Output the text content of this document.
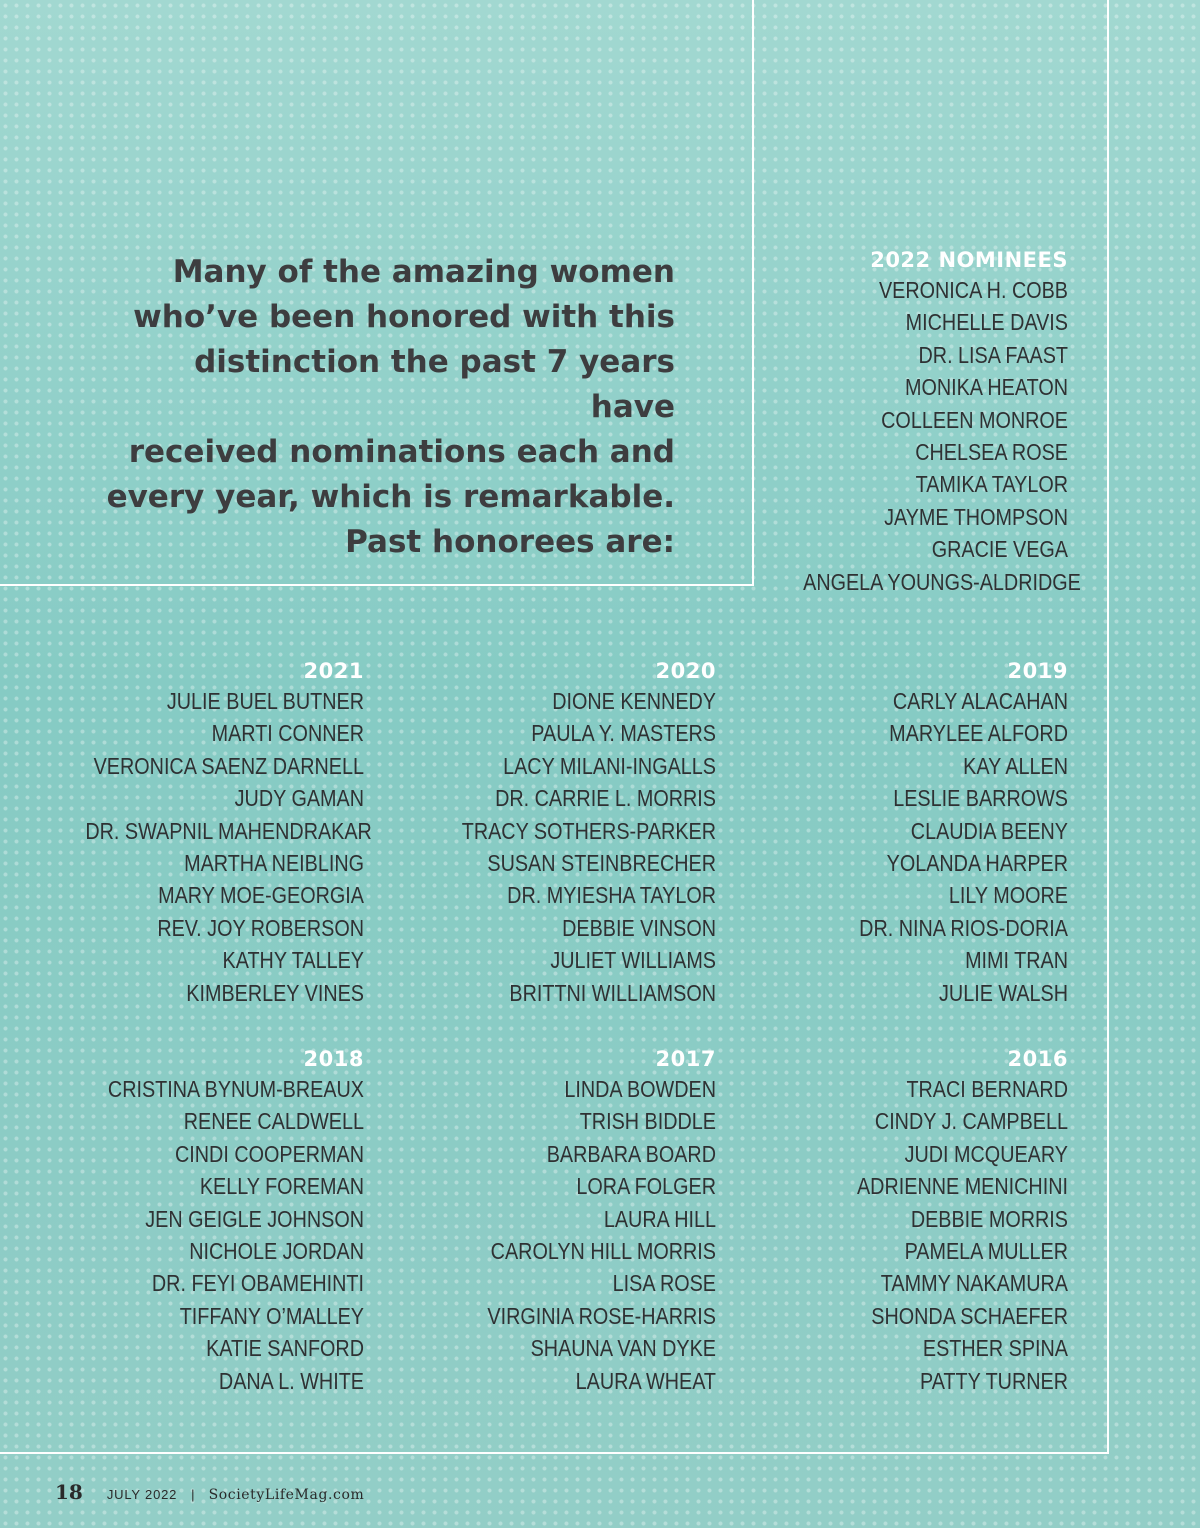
Many of the amazing women
who’ve been honored with this
distinction the past 7 years have
received nominations each and
every year, which is remarkable.
Past honorees are:

2022 NOMINEES
VERONICA H. COBB
MICHELLE DAVIS
DR. LISA FAAST
MONIKA HEATON
COLLEEN MONROE
CHELSEA ROSE
TAMIKA TAYLOR
JAYME THOMPSON
GRACIE VEGA
ANGELA YOUNGS-ALDRIDGE
2021
JULIE BUEL BUTNER
MARTI CONNER
VERONICA SAENZ DARNELL
JUDY GAMAN
DR. SWAPNIL MAHENDRAKAR
MARTHA NEIBLING
MARY MOE-GEORGIA
REV. JOY ROBERSON
KATHY TALLEY
KIMBERLEY VINES
2020
DIONE KENNEDY
PAULA Y. MASTERS
LACY MILANI-INGALLS
DR. CARRIE L. MORRIS
TRACY SOTHERS-PARKER
SUSAN STEINBRECHER
DR. MYIESHA TAYLOR
DEBBIE VINSON
JULIET WILLIAMS
BRITTNI WILLIAMSON
2019
CARLY ALACAHAN
MARYLEE ALFORD
KAY ALLEN
LESLIE BARROWS
CLAUDIA BEENY
YOLANDA HARPER
LILY MOORE
DR. NINA RIOS-DORIA
MIMI TRAN
JULIE WALSH
2018
CRISTINA BYNUM-BREAUX
RENEE CALDWELL
CINDI COOPERMAN
KELLY FOREMAN
JEN GEIGLE JOHNSON
NICHOLE JORDAN
DR. FEYI OBAMEHINTI
TIFFANY O’MALLEY
KATIE SANFORD
DANA L. WHITE
2017
LINDA BOWDEN
TRISH BIDDLE
BARBARA BOARD
LORA FOLGER
LAURA HILL
CAROLYN HILL MORRIS
LISA ROSE
VIRGINIA ROSE-HARRIS
SHAUNA VAN DYKE
LAURA WHEAT
2016
TRACI BERNARD
CINDY J. CAMPBELL
JUDI MCQUEARY
ADRIENNE MENICHINI
DEBBIE MORRIS
PAMELA MULLER
TAMMY NAKAMURA
SHONDA SCHAEFER
ESTHER SPINA
PATTY TURNER
18 JULY 2022 | SocietyLifeMag.com
